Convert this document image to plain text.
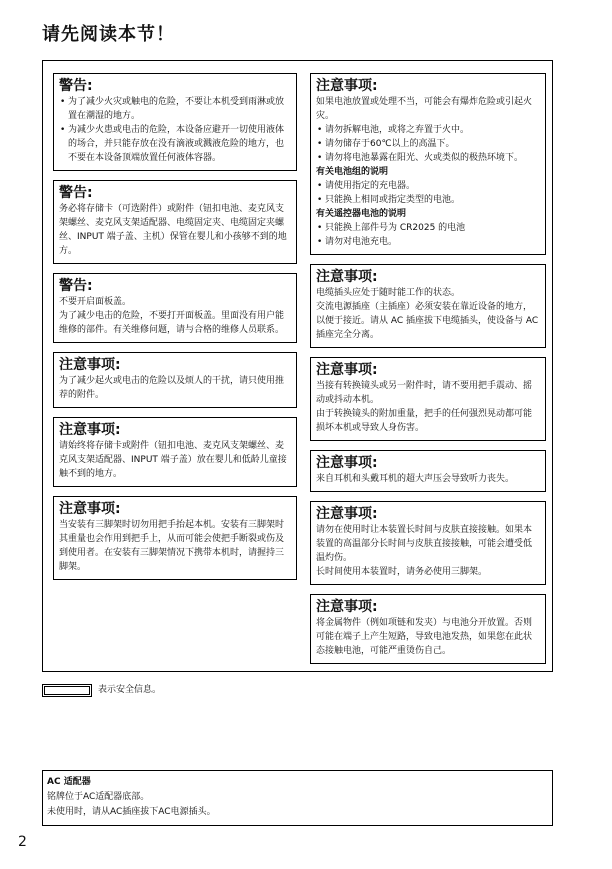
请先阅读本节！
警告:

• 为了减少火灾或触电的危险，不要让本机受到雨淋或放置在潮湿的地方。

• 为减少火患或电击的危险，本设备应避开一切使用液体的场合，并只能存放在没有滴液或溅液危险的地方，也不要在本设备顶端放置任何液体容器。

警告:

务必将存储卡（可选附件）或附件（钮扣电池、麦克风支架螺丝、麦克风支架适配器、电缆固定夹、电缆固定夹螺丝、INPUT 端子盖、主机）保管在婴儿和小孩够不到的地方。

警告:

不要开启面板盖。

为了减少电击的危险，不要打开面板盖。里面没有用户能维修的部件。有关维修问题，请与合格的维修人员联系。

注意事项:

为了减少起火或电击的危险以及烦人的干扰，请只使用推荐的附件。

注意事项:

请始终将存储卡或附件（钮扣电池、麦克风支架螺丝、麦克风支架适配器、INPUT 端子盖）放在婴儿和低龄儿童接触不到的地方。

注意事项:

当安装有三脚架时切勿用把手抬起本机。安装有三脚架时其重量也会作用到把手上，从而可能会使把手断裂或伤及到使用者。在安装有三脚架情况下携带本机时，请握持三脚架。

注意事项:

如果电池放置或处理不当，可能会有爆炸危险或引起火灾。

• 请勿拆解电池，或将之弃置于火中。

• 请勿储存于60℃以上的高温下。

• 请勿将电池暴露在阳光、火或类似的极热环境下。

有关电池组的说明

• 请使用指定的充电器。

• 只能换上相同或指定类型的电池。

有关遥控器电池的说明

• 只能换上部件号为 CR2025 的电池

• 请勿对电池充电。

注意事项:

电缆插头应处于随时能工作的状态。

交流电源插座（主插座）必须安装在靠近设备的地方，以便于接近。请从 AC 插座拔下电缆插头，使设备与 AC 插座完全分离。

注意事项:

当接有转换镜头或另一附件时，请不要用把手震动、摇动或抖动本机。

由于转换镜头的附加重量，把手的任何强烈晃动都可能损坏本机或导致人身伤害。

注意事项:

来自耳机和头戴耳机的超大声压会导致听力丧失。

注意事项:

请勿在使用时让本装置长时间与皮肤直接接触。如果本装置的高温部分长时间与皮肤直接接触，可能会遭受低温灼伤。

长时间使用本装置时，请务必使用三脚架。

注意事项:

将金属物件（例如项链和发夹）与电池分开放置。否则可能在端子上产生短路，导致电池发热，如果您在此状态接触电池，可能严重烫伤自己。

表示安全信息。
AC 适配器
铭牌位于AC适配器底部。
未使用时，请从AC插座拔下AC电源插头。
2
